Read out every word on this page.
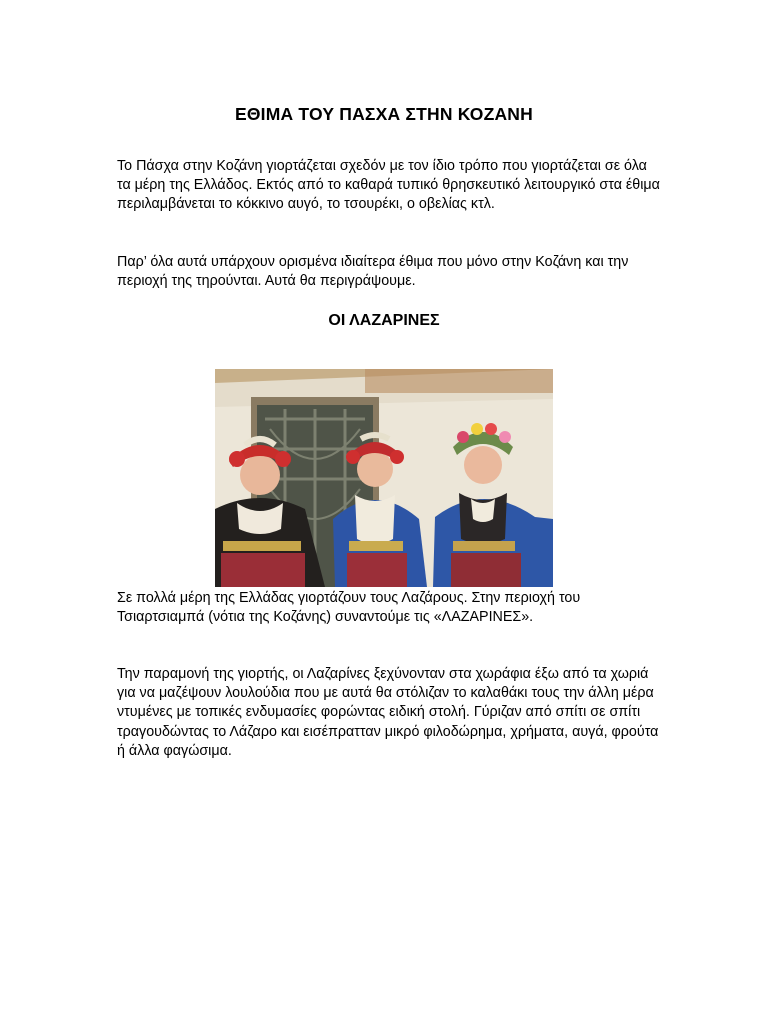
ΕΘΙΜΑ ΤΟΥ ΠΑΣΧΑ ΣΤΗΝ ΚΟΖΑΝΗ

Το Πάσχα στην Κοζάνη γιορτάζεται σχεδόν με τον ίδιο τρόπο που γιορτάζεται σε όλα τα μέρη της Ελλάδος. Εκτός από το καθαρά τυπικό θρησκευτικό λειτουργικό στα έθιμα περιλαμβάνεται το κόκκινο αυγό, το τσουρέκι, ο οβελίας κτλ.

Παρ’ όλα αυτά υπάρχουν ορισμένα ιδιαίτερα έθιμα που μόνο στην Κοζάνη και την περιοχή της τηρούνται. Αυτά θα περιγράψουμε.

ΟΙ ΛΑΖΑΡΙΝΕΣ

Σε πολλά μέρη της Ελλάδας γιορτάζουν τους Λαζάρους. Στην περιοχή του Τσιαρτσιαμπά (νότια της Κοζάνης) συναντούμε τις «ΛΑΖΑΡΙΝΕΣ».

Την παραμονή της γιορτής, οι Λαζαρίνες ξεχύνονταν στα χωράφια έξω από τα χωριά για να μαζέψουν λουλούδια που με αυτά θα στόλιζαν το καλαθάκι τους την άλλη μέρα ντυμένες με τοπικές ενδυμασίες φορώντας ειδική στολή. Γύριζαν από σπίτι σε σπίτι τραγουδώντας το Λάζαρο και εισέπρατταν μικρό φιλοδώρημα, χρήματα, αυγά, φρούτα ή άλλα φαγώσιμα.
